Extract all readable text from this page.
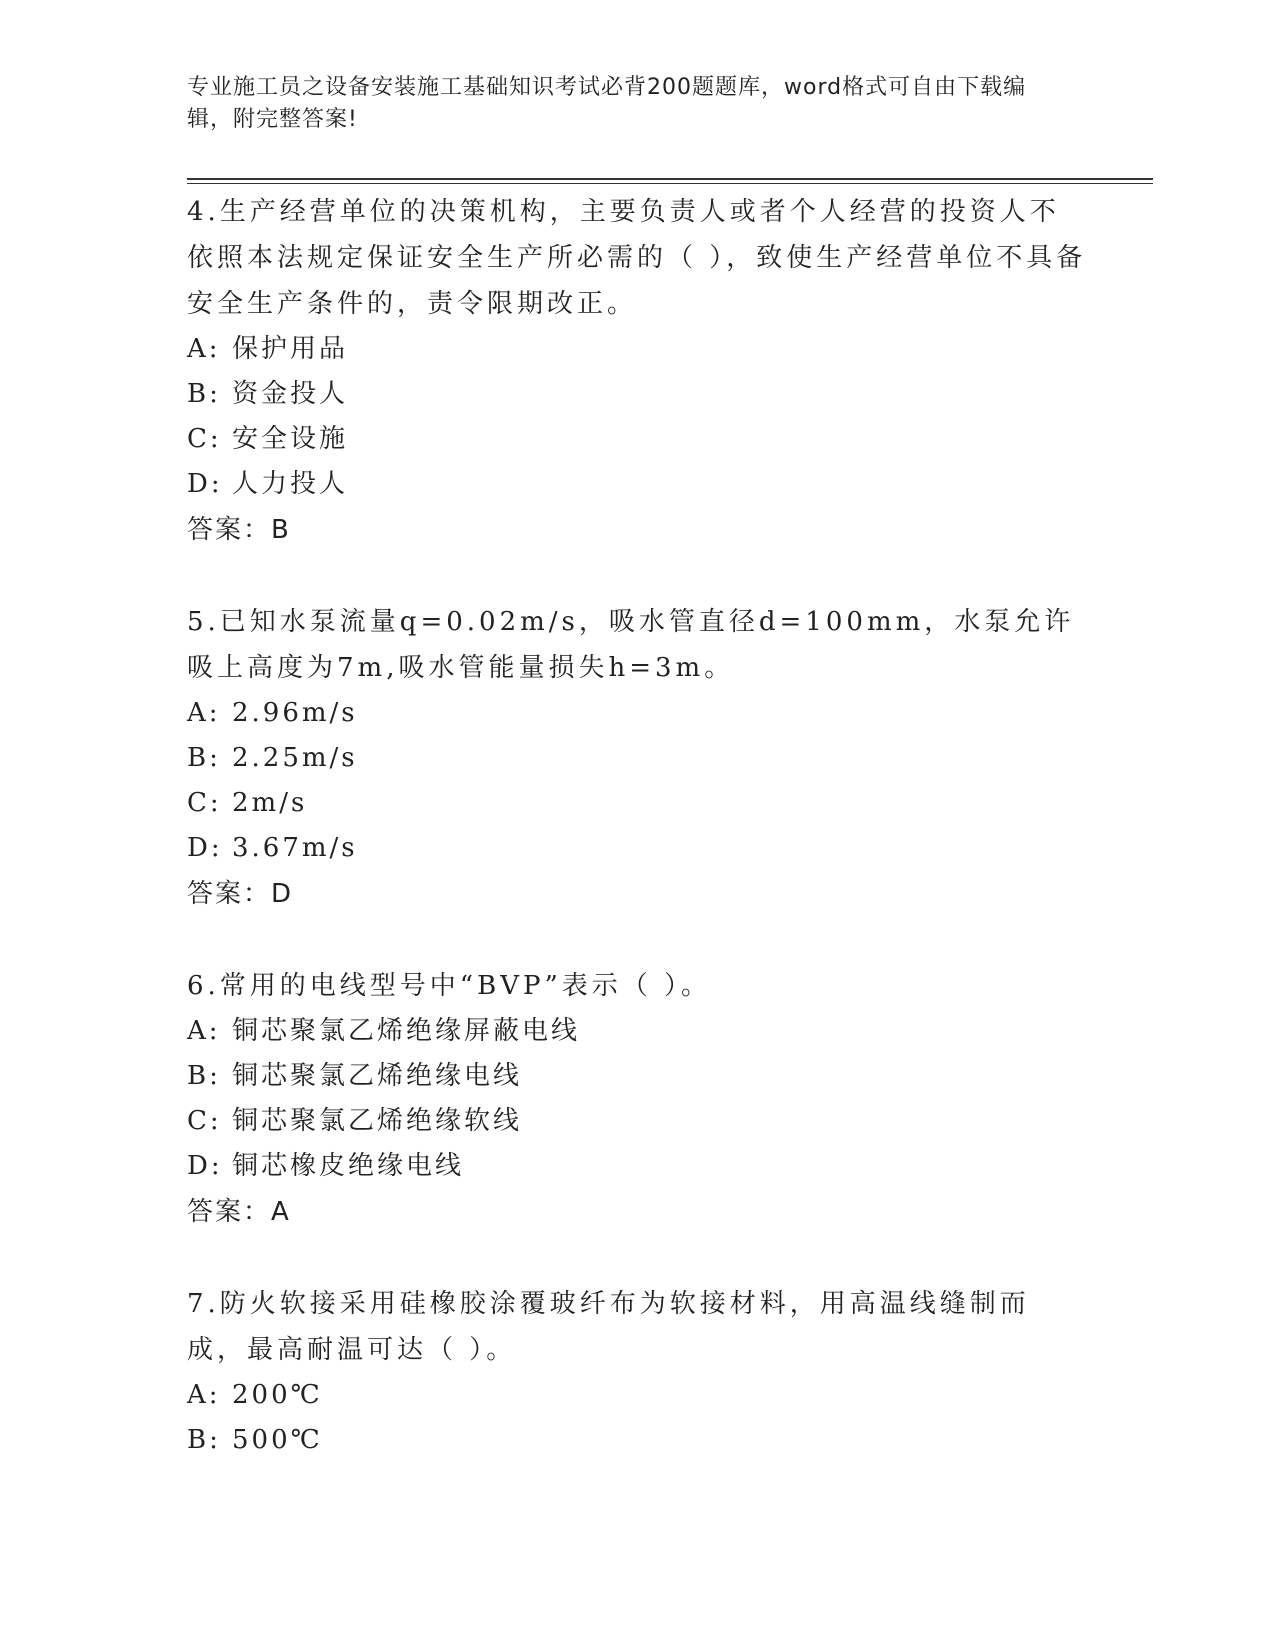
专业施工员之设备安装施工基础知识考试必背200题题库，word格式可自由下载编辑，附完整答案!
4.生产经营单位的决策机构，主要负责人或者个人经营的投资人不依照本法规定保证安全生产所必需的（ ），致使生产经营单位不具备安全生产条件的，责令限期改正。
A: 保护用品
B: 资金投人
C: 安全设施
D: 人力投人
答案：B
5.已知水泵流量q=0.02m/s，吸水管直径d=100mm，水泵允许吸上高度为7m,吸水管能量损失h=3m。
A: 2.96m/s
B: 2.25m/s
C: 2m/s
D: 3.67m/s
答案：D
6.常用的电线型号中“BVP”表示（ ）。
A: 铜芯聚氯乙烯绝缘屏蔽电线
B: 铜芯聚氯乙烯绝缘电线
C: 铜芯聚氯乙烯绝缘软线
D: 铜芯橡皮绝缘电线
答案：A
7.防火软接采用硅橡胶涂覆玻纤布为软接材料，用高温线缝制而成，最高耐温可达（ ）。
A: 200℃
B: 500℃
